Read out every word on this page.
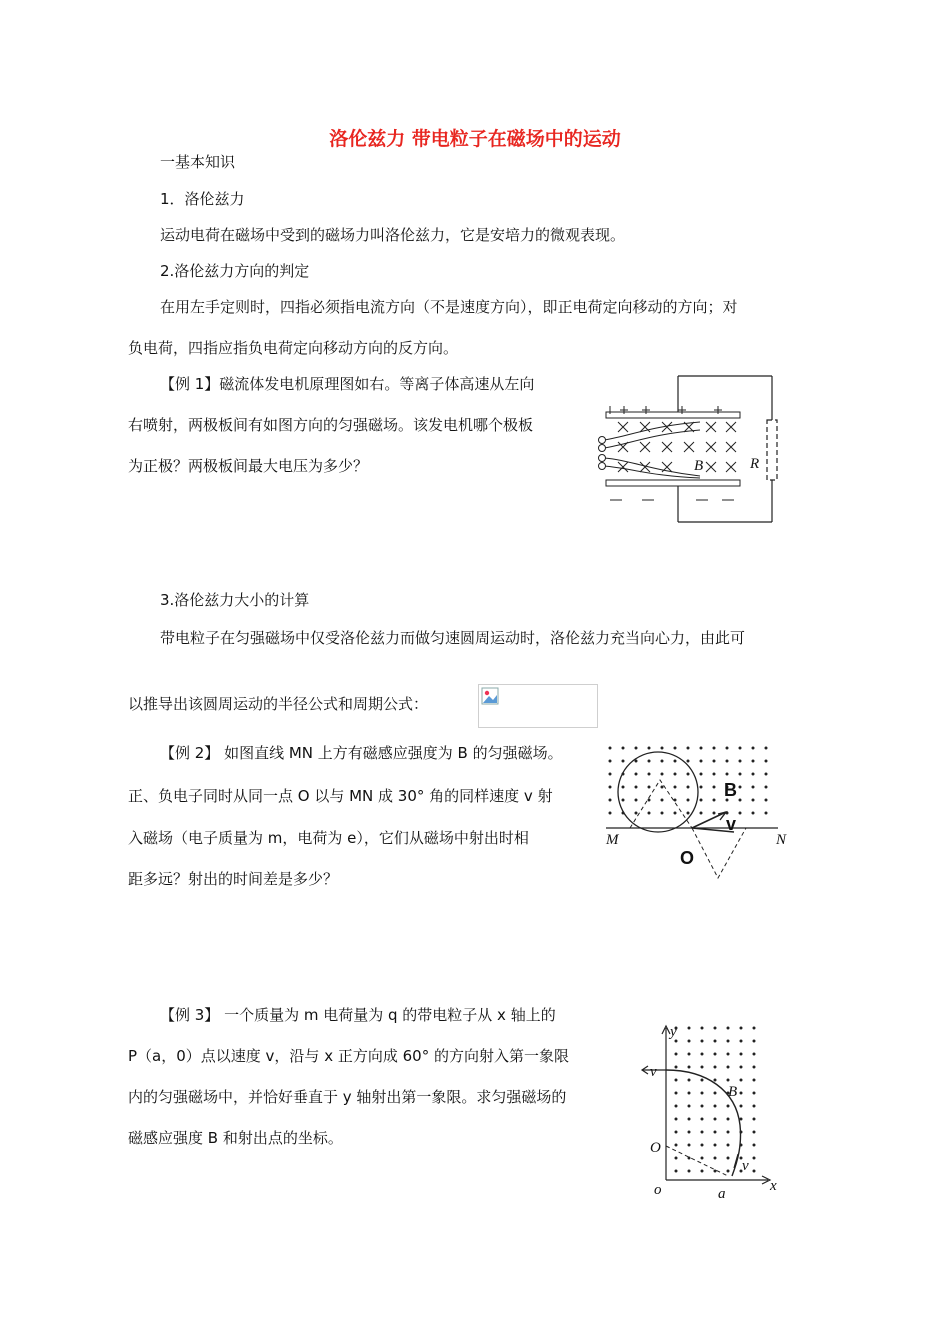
洛伦兹力 带电粒子在磁场中的运动
一基本知识
1．洛伦兹力
运动电荷在磁场中受到的磁场力叫洛伦兹力，它是安培力的微观表现。
2.洛伦兹力方向的判定
在用左手定则时，四指必须指电流方向（不是速度方向），即正电荷定向移动的方向；对
负电荷，四指应指负电荷定向移动方向的反方向。
【例 1】磁流体发电机原理图如右。等离子体高速从左向
右喷射，两极板间有如图方向的匀强磁场。该发电机哪个极板
为正极？两极板间最大电压为多少？
3.洛伦兹力大小的计算
带电粒子在匀强磁场中仅受洛伦兹力而做匀速圆周运动时，洛伦兹力充当向心力，由此可
以推导出该圆周运动的半径公式和周期公式：
【例 2】 如图直线 MN 上方有磁感应强度为 B 的匀强磁场。
正、负电子同时从同一点 O 以与 MN 成 30° 角的同样速度 v 射
入磁场（电子质量为 m，电荷为 e），它们从磁场中射出时相
距多远？射出的时间差是多少？
【例 3】 一个质量为 m 电荷量为 q 的带电粒子从 x 轴上的
P（a，0）点以速度 v，沿与 x 正方向成 60° 的方向射入第一象限
内的匀强磁场中，并恰好垂直于 y 轴射出第一象限。求匀强磁场的
磁感应强度 B 和射出点的坐标。
B	R
B
v
M	N
O
y
x
v
B
O
o	a
v
